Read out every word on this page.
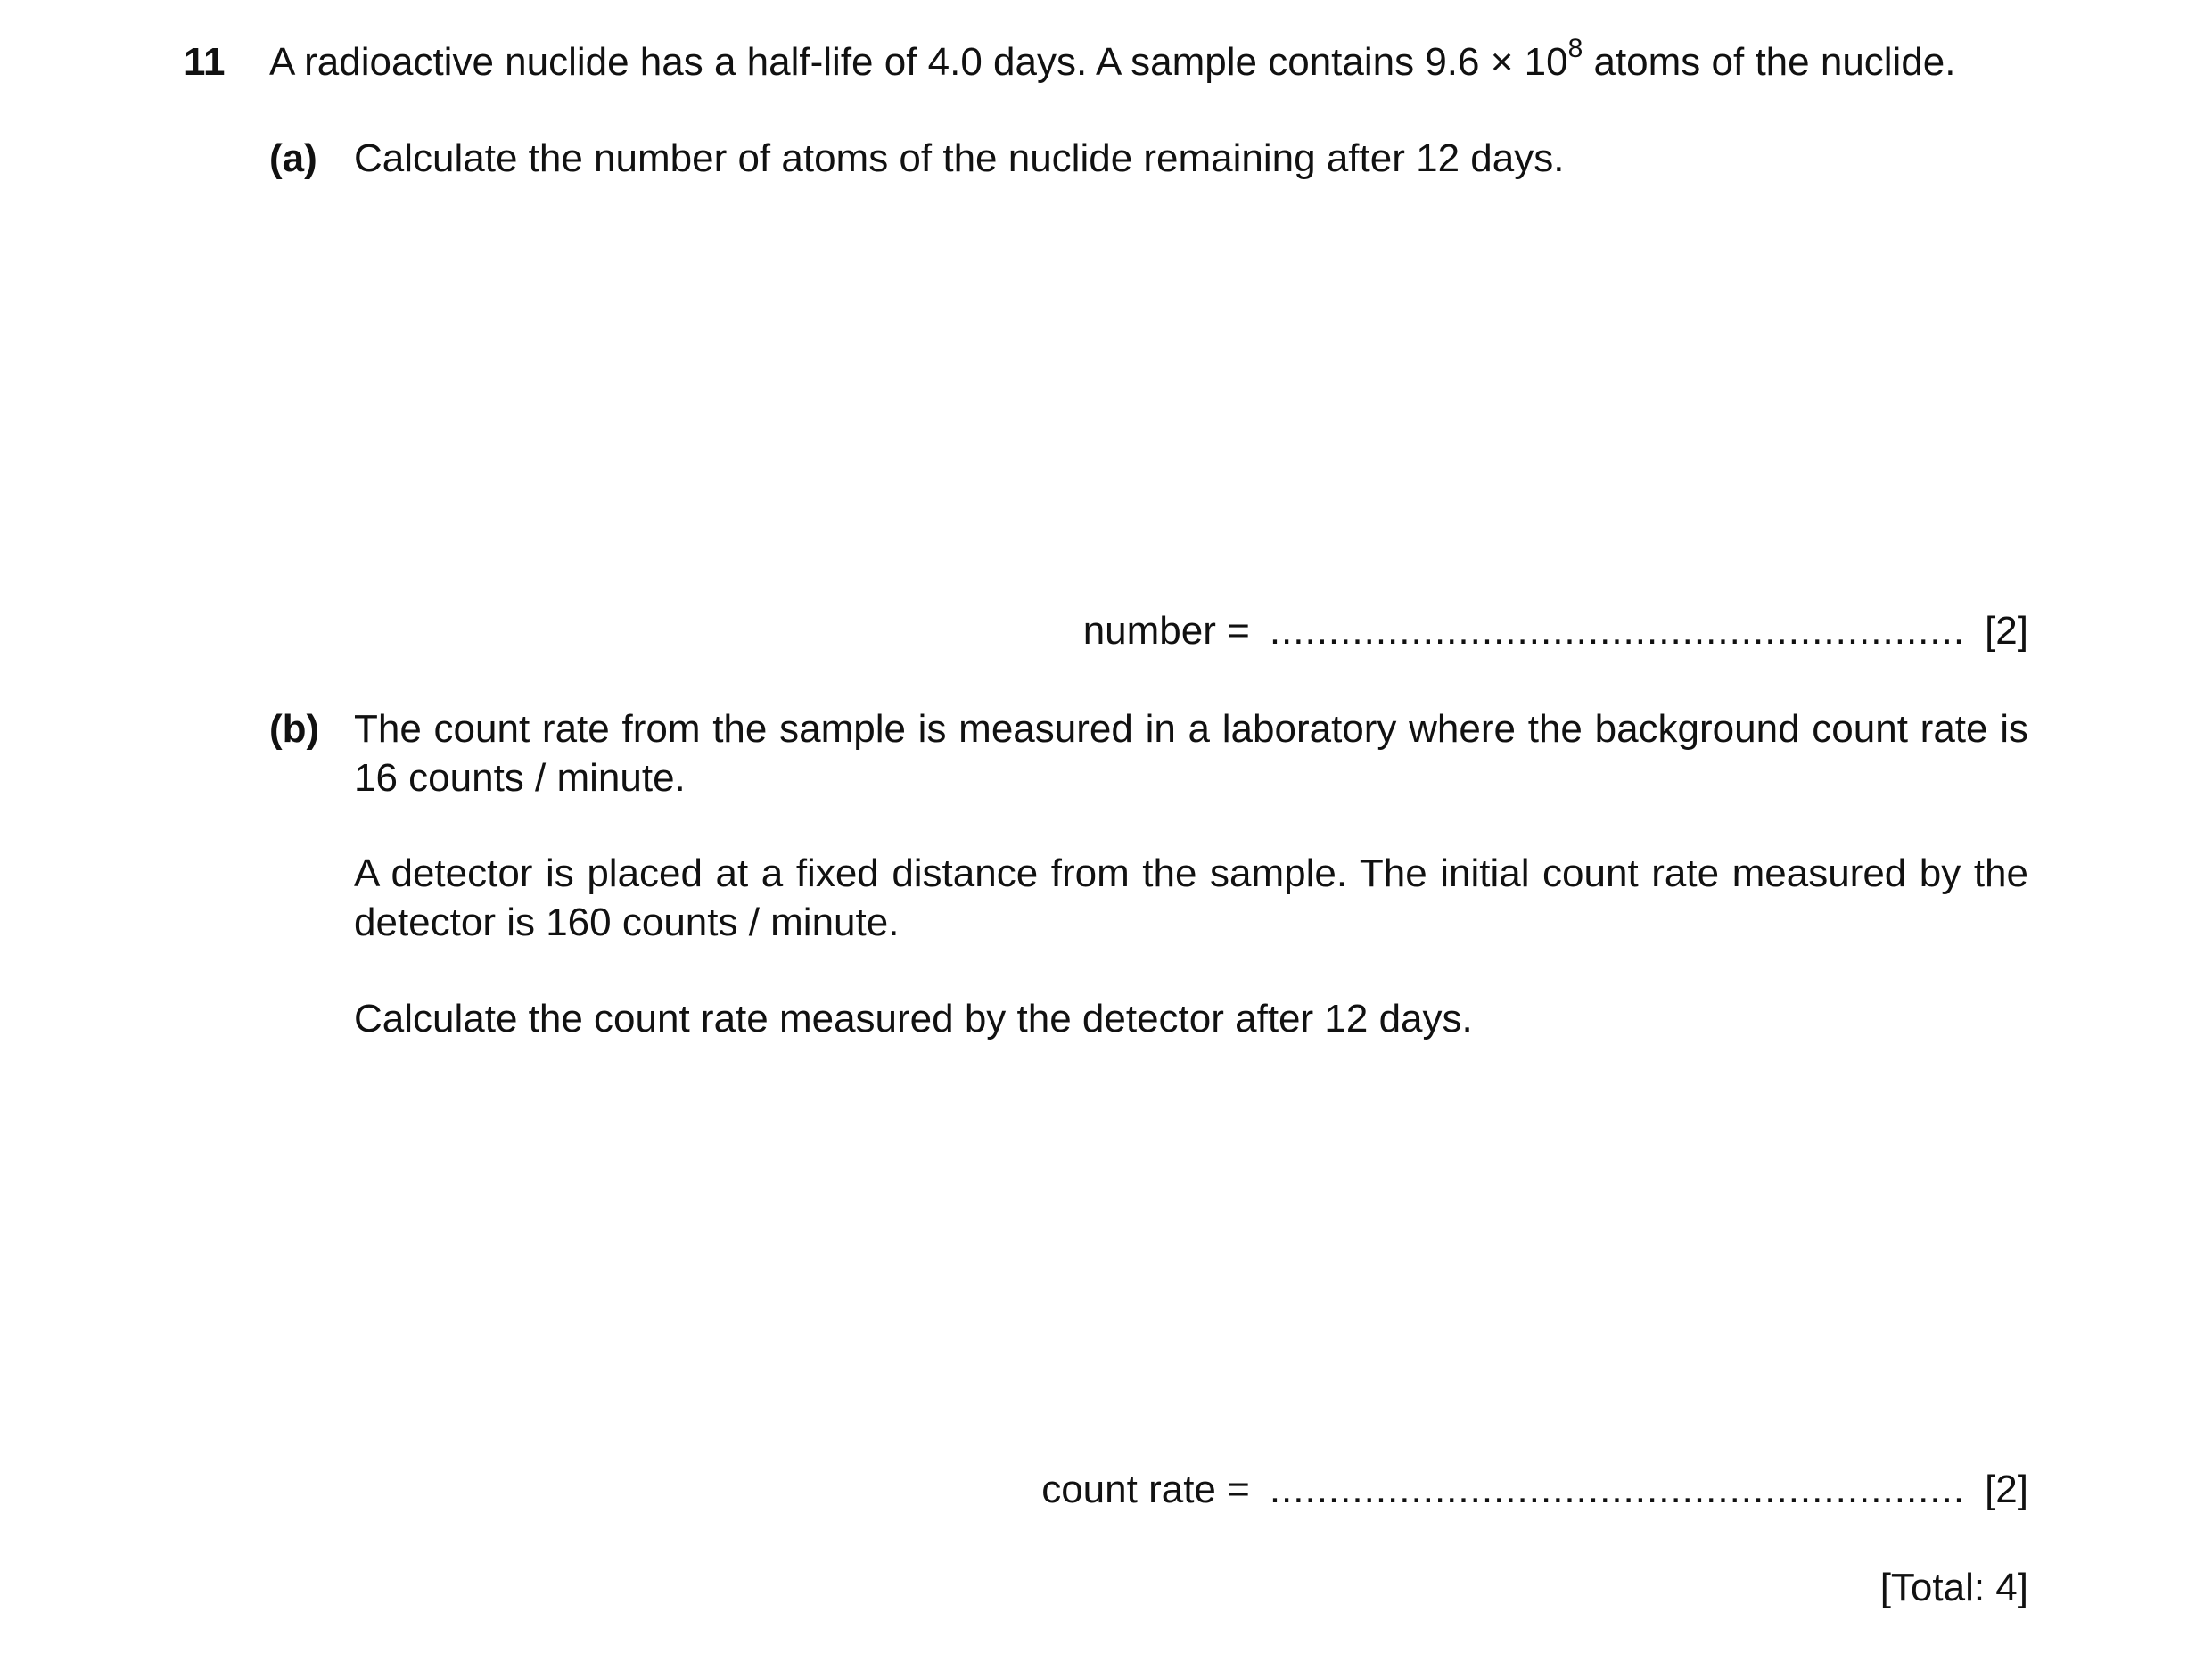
11 A radioactive nuclide has a half-life of 4.0 days. A sample contains $9.6 \times 10^8$ atoms of the nuclide.
(a) Calculate the number of atoms of the nuclide remaining after 12 days.
number = ........................................................... [2]
(b) The count rate from the sample is measured in a laboratory where the background count rate is 16 counts / minute.
A detector is placed at a fixed distance from the sample. The initial count rate measured by the detector is 160 counts / minute.
Calculate the count rate measured by the detector after 12 days.
count rate = ........................................................... [2]
[Total: 4]
